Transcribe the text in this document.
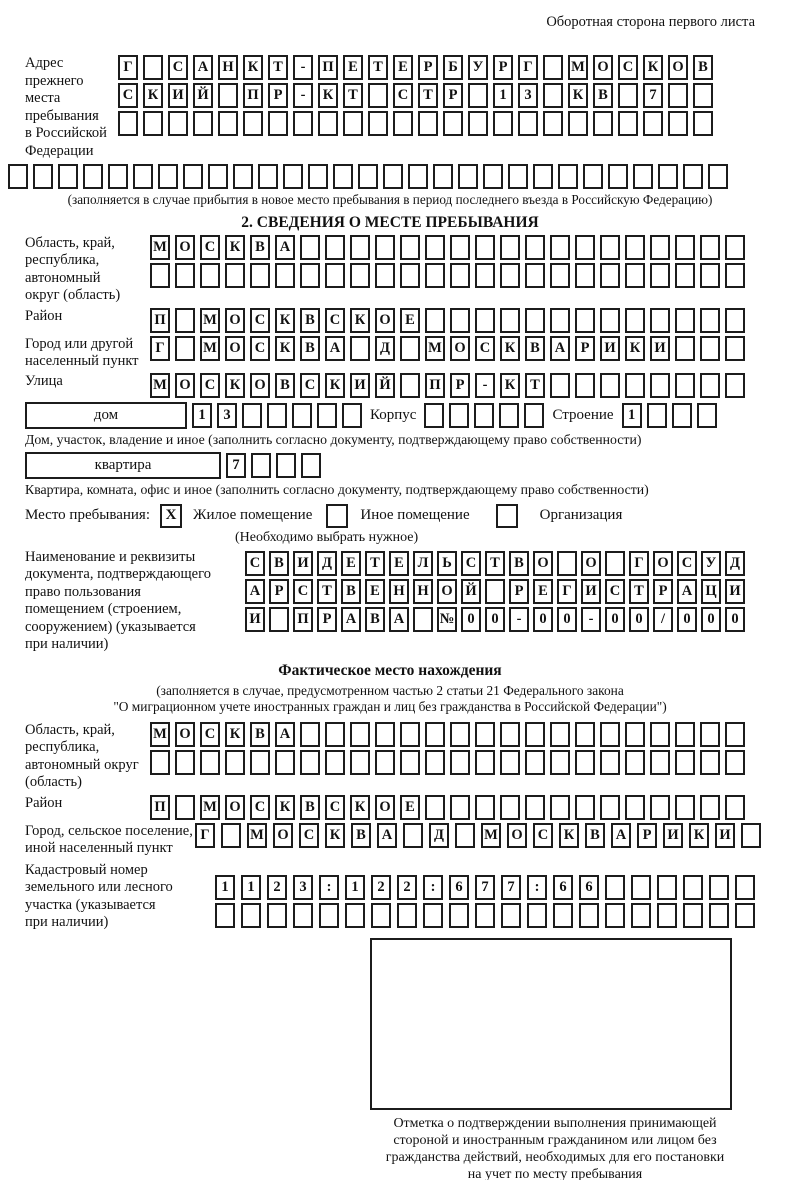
Оборотная сторона первого листа
Адрес прежнего
места пребывания
в Российской
Федерации
Г	С	А Н К	Т	-	П	Е	Т	Е	Р	Б	У	Р	Г	М О С	К О	В
С	К И Й	П	Р	-	К	Т	С	Т	Р	1	3	К	В	7
(заполняется в случае прибытия в новое место пребывания в период последнего въезда в Российскую Федерацию)
2. СВЕДЕНИЯ О МЕСТЕ ПРЕБЫВАНИЯ
Область, край,
республика,
автономный
округ (область)
М О С	К	В	А
Район	П	М О С	К	В	С	К О	Е
Город или другой
населенный пункт
Г	М О С	К	В	А	Д	М О С	К	В	А	Р	И К И
Улица	М О С	К О	В	С	К И Й	П	Р	-	К	Т
дом	1	3	Корпус	Строение 1
Дом, участок, владение и иное (заполнить согласно документу, подтверждающему право собственности)
квартира	7
Квартира, комната, офис и иное (заполнить согласно документу, подтверждающему право собственности)
Место пребывания:	X	Жилое помещение	Иное помещение	Организация
(Необходимо выбрать нужное)
Наименование и реквизиты
документа, подтверждающего
право пользования
помещением (строением,
сооружением) (указывается
при наличии)
С В И Д Е Т Е Л Ь С Т В О	О	Г О С У Д
А Р С Т В Е Н Н О Й	Р	Е	Г И С Т	Р А Ц И
И	П Р А В А	№ 0	0	-	0	0	-	0	0	/	0	0	0
Фактическое место нахождения
(заполняется в случае, предусмотренном частью 2 статьи 21 Федерального закона
"О миграционном учете иностранных граждан и лиц без гражданства в Российской Федерации")
Область, край,
республика,
автономный округ
(область)
М О С	К	В	А
Район	П	М О С	К	В	С	К О	Е
Город, сельское поселение,
иной населенный пункт
Г	М О	С	К	В	А	Д	М О	С	К	В	А	Р	И	К	И
Кадастровый номер
земельного или лесного
участка (указывается
при наличии)
1	1	2	3	:	1	2	2	:	6	7	7	:	6	6
Отметка о подтверждении выполнения принимающей
стороной и иностранным гражданином или лицом без
гражданства действий, необходимых для его постановки
на учет по месту пребывания
